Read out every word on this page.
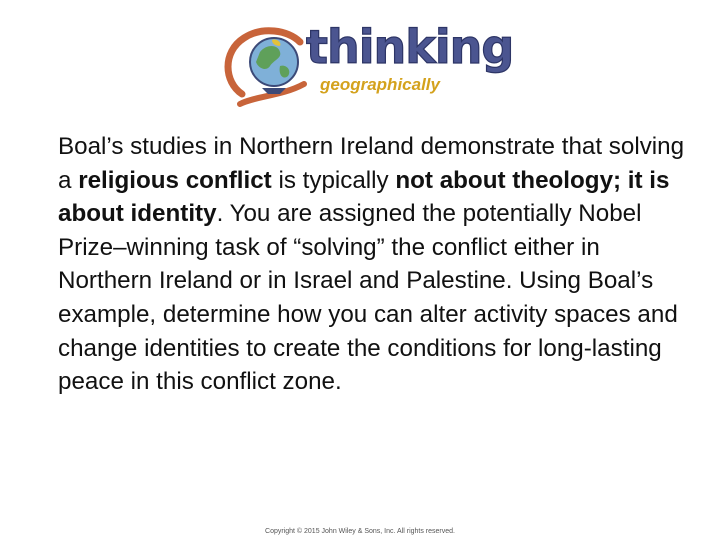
thinking
geographically
Boal’s studies in Northern Ireland demonstrate that solving a religious conflict is typically not about theology; it is about identity. You are assigned the potentially Nobel Prize–winning task of “solving” the conflict either in Northern Ireland or in Israel and Palestine. Using Boal’s example, determine how you can alter activity spaces and change identities to create the conditions for long-lasting peace in this conflict zone.
Copyright © 2015 John Wiley & Sons, Inc. All rights reserved.
